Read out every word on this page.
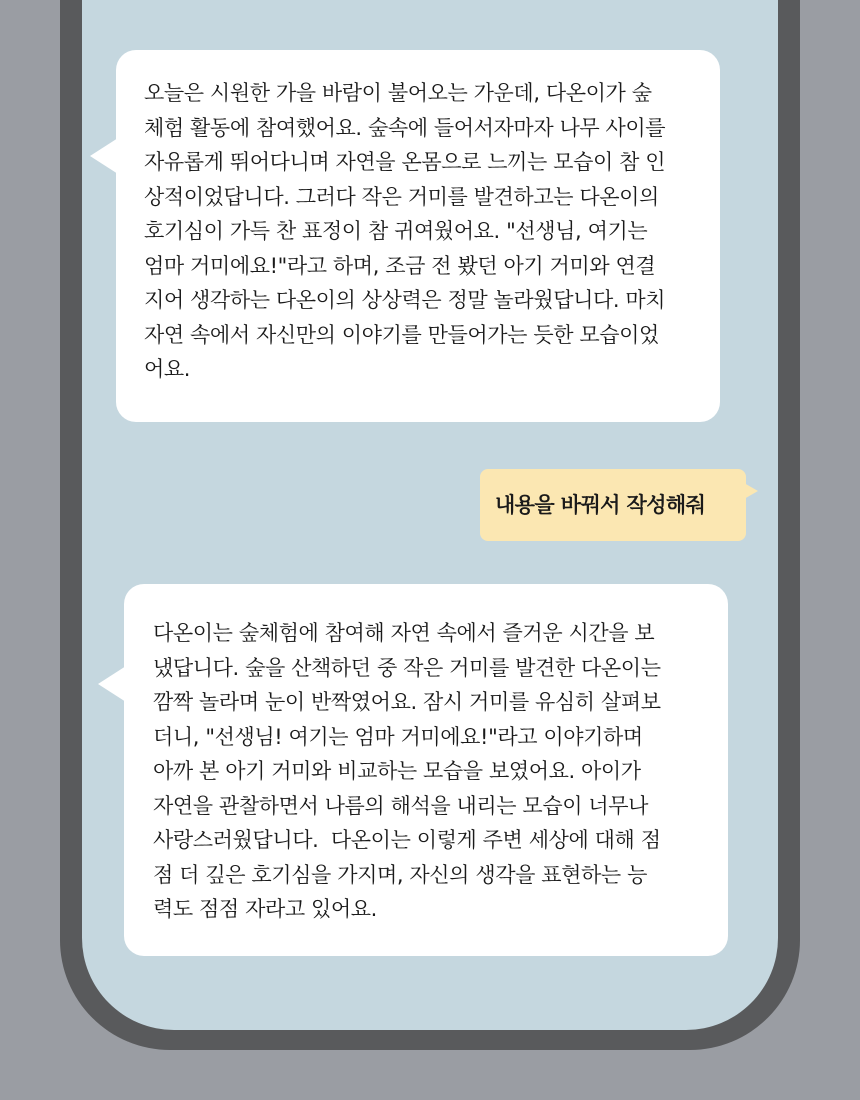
오늘은 시원한 가을 바람이 불어오는 가운데, 다온이가 숲
체험 활동에 참여했어요. 숲속에 들어서자마자 나무 사이를
자유롭게 뛰어다니며 자연을 온몸으로 느끼는 모습이 참 인
상적이었답니다. 그러다 작은 거미를 발견하고는 다온이의
호기심이 가득 찬 표정이 참 귀여웠어요. "선생님, 여기는
엄마 거미에요!"라고 하며, 조금 전 봤던 아기 거미와 연결
지어 생각하는 다온이의 상상력은 정말 놀라웠답니다. 마치
자연 속에서 자신만의 이야기를 만들어가는 듯한 모습이었
어요.

내용을 바꿔서 작성해줘

다온이는 숲체험에 참여해 자연 속에서 즐거운 시간을 보
냈답니다. 숲을 산책하던 중 작은 거미를 발견한 다온이는
깜짝 놀라며 눈이 반짝였어요. 잠시 거미를 유심히 살펴보
더니, "선생님! 여기는 엄마 거미에요!"라고 이야기하며
아까 본 아기 거미와 비교하는 모습을 보였어요. 아이가
자연을 관찰하면서 나름의 해석을 내리는 모습이 너무나
사랑스러웠답니다.  다온이는 이렇게 주변 세상에 대해 점
점 더 깊은 호기심을 가지며, 자신의 생각을 표현하는 능
력도 점점 자라고 있어요.
